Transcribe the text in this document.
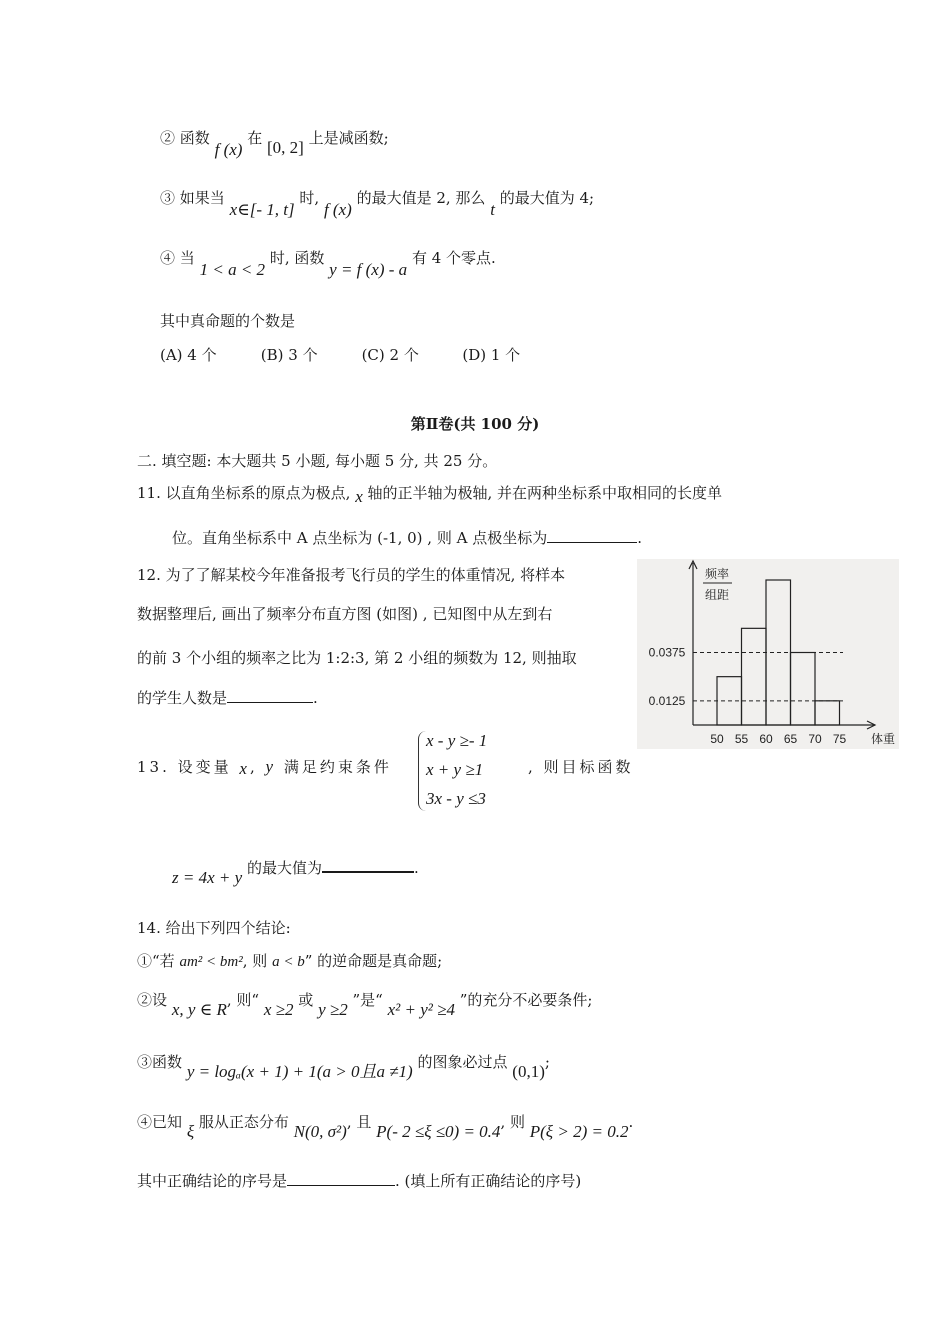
② 函数 f (x) 在 [0, 2] 上是减函数;
③ 如果当 x∈[- 1, t] 时, f (x) 的最大值是 2, 那么 t 的最大值为 4;
④ 当 1 < a < 2 时, 函数 y = f (x) - a 有 4 个零点.
其中真命题的个数是
(A) 4 个	(B) 3 个	(C) 2 个	(D) 1 个
第Ⅱ卷(共 100 分)
二. 填空题: 本大题共 5 小题, 每小题 5 分, 共 25 分。
11. 以直角坐标系的原点为极点, x 轴的正半轴为极轴, 并在两种坐标系中取相同的长度单
位。直角坐标系中 A 点坐标为 (-1, 0) , 则 A 点极坐标为	.
12. 为了了解某校今年准备报考飞行员的学生的体重情况, 将样本
数据整理后, 画出了频率分布直方图 (如图) , 已知图中从左到右
的前 3 个小组的频率之比为 1:2:3, 第 2 小组的频数为 12, 则抽取
的学生人数是	.
频率
组距
0.0375
0.0125
50 55 60 65 70 75 体重
13. 设变量 x, y 满足约束条件
x - y ≥- 1
x + y ≥1
3x - y ≤3
, 则目标函数
z = 4x + y 的最大值为	.
14. 给出下列四个结论:
①“若 am² < bm², 则 a < b” 的逆命题是真命题;
②设 x, y ∈ R, 则“ x ≥2 或 y ≥2 ”是“ x² + y² ≥4 ”的充分不必要条件;
③函数 y = logₐ(x + 1) + 1(a > 0且a ≠1) 的图象必过点 (0,1);
④已知 ξ 服从正态分布 N(0, σ²), 且 P(- 2 ≤ξ ≤0) = 0.4, 则 P(ξ > 2) = 0.2.
其中正确结论的序号是	. (填上所有正确结论的序号)
